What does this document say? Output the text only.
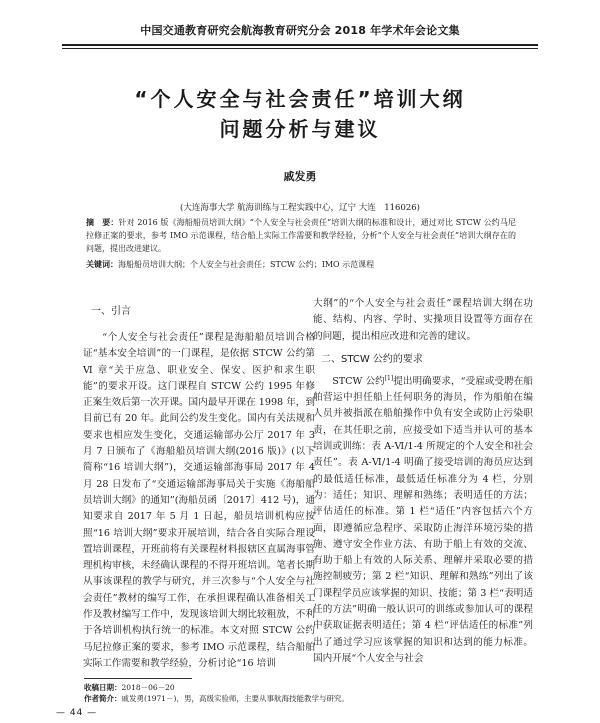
中国交通教育研究会航海教育研究分会 2018 年学术年会论文集
“个人安全与社会责任”培训大纲
问题分析与建议
戚发勇
(大连海事大学 航海训练与工程实践中心，辽宁 大连　116026)

摘　要：针对 2016 版《海船船员培训大纲》“个人安全与社会责任”培训大纲的标准和设计，通过对比 STCW 公约马尼拉修正案的要求，参考 IMO 示范课程，结合船上实际工作需要和教学经验，分析“个人安全与社会责任”培训大纲存在的问题，提出改进建议。

关键词：海船船员培训大纲；个人安全与社会责任；STCW 公约；IMO 示范课程

一、引言

“个人安全与社会责任”课程是海船船员培训合格证“基本安全培训”的一门课程，是依据 STCW 公约第 Ⅵ 章“关于应急、职业安全、保安、医护和求生职能”的要求开设。这门课程自 STCW 公约 1995 年修正案生效后第一次开课。国内最早开课在 1998 年，到目前已有 20 年。此间公约发生变化。国内有关法规和要求也相应发生变化，交通运输部办公厅 2017 年 3 月 7 日颁布了《海船船员培训大纲(2016 版)》(以下简称“16 培训大纲”)，交通运输部海事局 2017 年 4 月 28 日发布了“交通运输部海事局关于实施《海船船员培训大纲》的通知”(海船员函〔2017〕412 号)，通知要求自 2017 年 5 月 1 日起，船员培训机构应按照“16 培训大纲”要求开展培训，结合各自实际合理设置培训课程，开班前将有关课程材料报辖区直属海事管理机构审核，未经确认课程的不得开班培训。笔者长期从事该课程的教学与研究，并三次参与“个人安全与社会责任”教材的编写工作，在承担课程确认准备相关工作及教材编写工作中，发现该培训大纲比较粗放，不利于各培训机构执行统一的标准。本文对照 STCW 公约马尼拉修正案的要求，参考 IMO 示范课程，结合船舶实际工作需要和教学经验，分析讨论“16 培训

大纲”的“个人安全与社会责任”课程培训大纲在功能、结构、内容、学时、实操项目设置等方面存在的问题，提出相应改进和完善的建议。

二、STCW 公约的要求

STCW 公约[1]提出明确要求，“受雇或受聘在船舶营运中担任船上任何职务的海员，作为船舶在编人员并被指派在船舶操作中负有安全或防止污染职责，在其任职之前，应接受如下适当并认可的基本培训或训练：表 A-Ⅵ/1-4 所规定的个人安全和社会责任”。表 A-Ⅵ/1-4 明确了接受培训的海员应达到的最低适任标准，最低适任标准分为 4 栏，分别为：适任；知识、理解和熟练；表明适任的方法；评估适任的标准。第 1 栏“适任”内容包括六个方面，即遵循应急程序、采取防止海洋环境污染的措施、遵守安全作业方法、有助于船上有效的交流、有助于船上有效的人际关系、理解并采取必要的措施控制疲劳；第 2 栏“知识、理解和熟练”列出了该门课程学员应该掌握的知识、技能；第 3 栏“表明适任的方法”明确一般认识可的训练或参加认可的课程中获取证据表明适任；第 4 栏“评估适任的标准”列出了通过学习应该掌握的知识和达到的能力标准。国内开展“个人安全与社会

收稿日期：2018－06－20

作者简介：戚发勇(1971－)，男，高级实验师，主要从事航海技能教学与研究。

— 44 —
